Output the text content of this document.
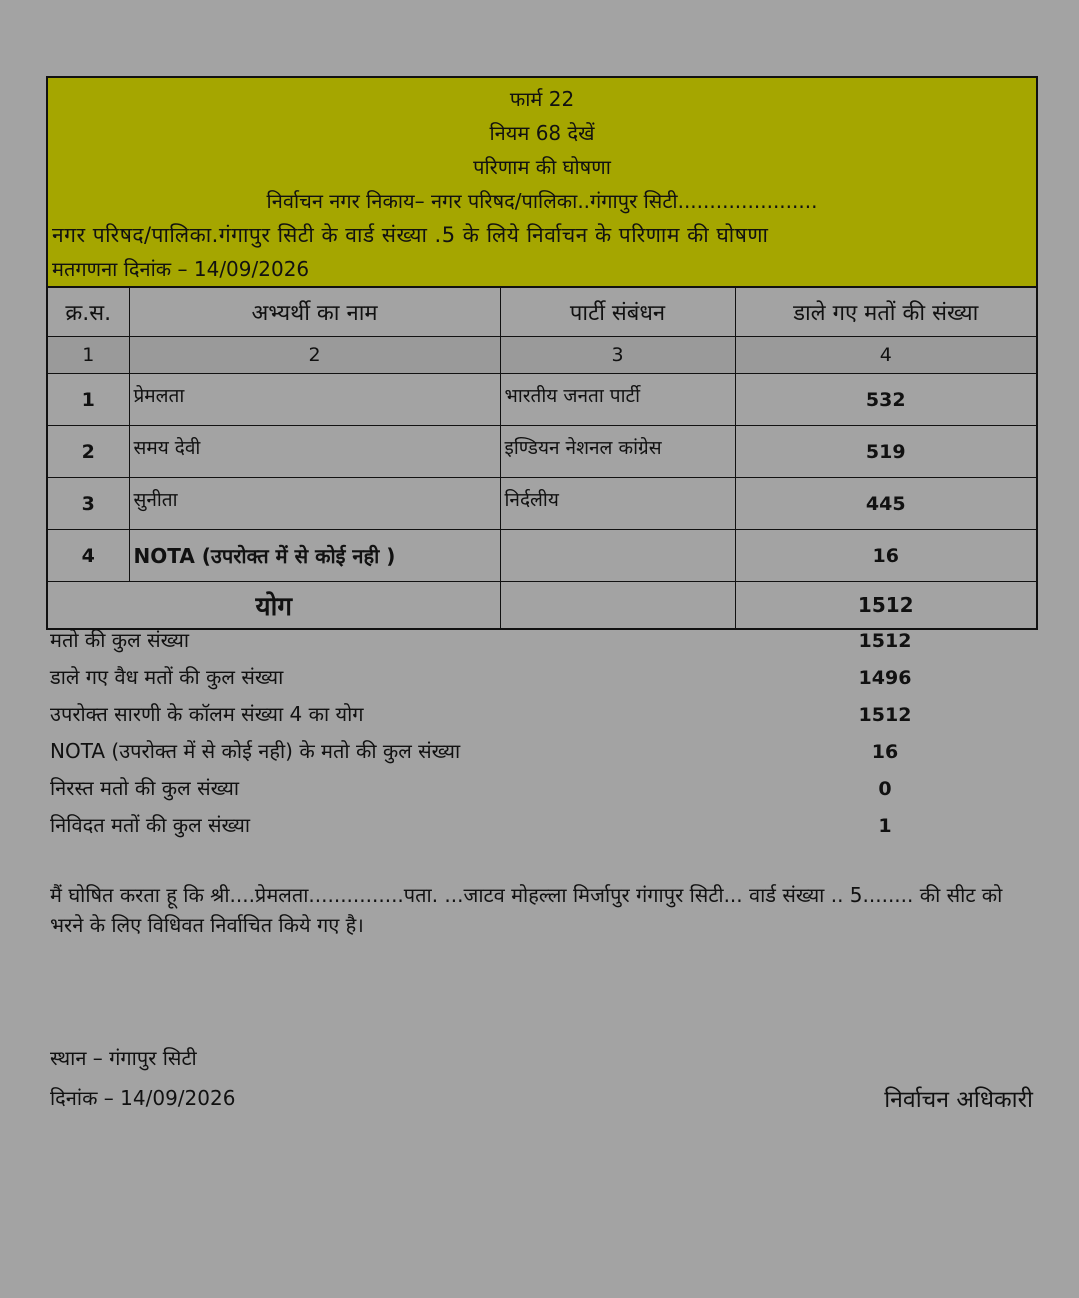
फार्म 22
नियम 68 देखें
परिणाम की घोषणा
निर्वाचन नगर निकाय– नगर परिषद/पालिका..गंगापुर सिटी......................
नगर परिषद/पालिका.गंगापुर सिटी के वार्ड संख्या .5 के लिये निर्वाचन के परिणाम की घोषणा
मतगणना दिनांक – 14/09/2026
क्र.स.	अभ्यर्थी का नाम	पार्टी संबंधन	डाले गए मतों की संख्या
1	2	3	4
1	प्रेमलता	भारतीय जनता पार्टी	532
2	समय देवी	इण्डियन नेशनल कांग्रेस	519
3	सुनीता	निर्दलीय	445
4	NOTA (उपरोक्त में से कोई नही )		16
योग			1512
मतो की कुल संख्या	1512
डाले गए वैध मतों की कुल संख्या	1496
उपरोक्त सारणी के कॉलम संख्या 4 का योग	1512
NOTA (उपरोक्त में से कोई नही) के मतो की कुल संख्या	16
निरस्त मतो की कुल संख्या	0
निविदत मतों की कुल संख्या	1
मैं घोषित करता हू कि श्री....प्रेमलता...............पता. ...जाटव मोहल्ला मिर्जापुर गंगापुर सिटी... वार्ड संख्या .. 5........ की सीट को भरने के लिए विधिवत निर्वाचित किये गए है।
स्थान – गंगापुर सिटी
दिनांक – 14/09/2026	निर्वाचन अधिकारी
